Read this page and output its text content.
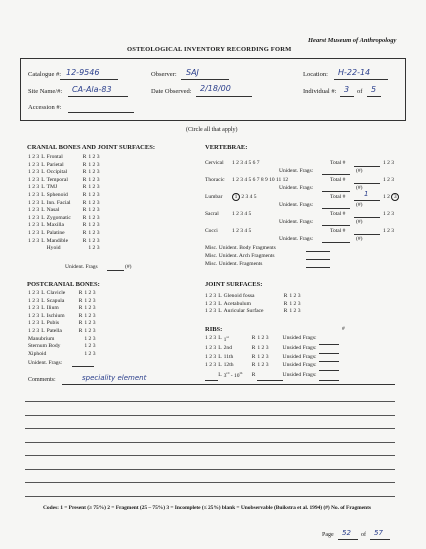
Hearst Museum of Anthropology
OSTEOLOGICAL INVENTORY RECORDING FORM
Catalogue #: 12-9546	Observer: SAJ	Location: H-22-14
Site Name/#: CA-Ala-83	Date Observed: 2/18/00	Individual #: 3 of 5
Accession #:
(Circle all that apply)
CRANIAL BONES AND JOINT SURFACES:
1 2 3	L	Frontal	R	1 2 3
1 2 3	L	Parietal	R	1 2 3
1 2 3	L	Occipital	R	1 2 3
1 2 3	L	Temporal	R	1 2 3
1 2 3	L	TMJ	R	1 2 3
1 2 3	L	Sphenoid	R	1 2 3
1 2 3	L	Inn. Facial	R	1 2 3
1 2 3	L	Nasal	R	1 2 3
1 2 3	L	Zygomatic	R	1 2 3
1 2 3	L	Maxilla	R	1 2 3
1 2 3	L	Palatine	R	1 2 3
1 2 3	L	Mandible	R	1 2 3
		Hyoid		1 2 3
Unident. Frags	(#)
VERTEBRAE:
Cervical 1 2 3 4 5 6 7	Total #	1 2 3
Unident. Frags:	(#)
Thoracic 1 2 3 4 5 6 7 8 9 10 11 12	Total #	1 2 3
Unident. Frags:	(#)
Lumbar	1 2 3 4 5	Total #	1	1 2 3
Unident. Frags:	(#)
Sacral 1 2 3 4 5	Total #	1 2 3
Unident. Frags:	(#)
Cocci	1 2 3 4 5	Total #	1 2 3
Unident. Frags:	(#)
Misc. Unident. Body Fragments
Misc. Unident. Arch Fragments
Misc. Unident. Fragments
POSTCRANIAL BONES:
1 2 3	L	Clavicle	R	1 2 3
1 2 3	L	Scapula	R	1 2 3
1 2 3	L	Ilium	R	1 2 3
1 2 3	L	Ischium	R	1 2 3
1 2 3	L	Pubis	R	1 2 3
1 2 3	L	Patella	R	1 2 3
Manubrium				1 2 3
Sternum Body				1 2 3
Xiphoid				1 2 3
Unident. Frags:
JOINT SURFACES:
1 2 3	L	Glenoid fossa	R	1 2 3
1 2 3	L	Acetabulum	R	1 2 3
1 2 3	L	Auricular Surface	R	1 2 3
RIBS:	#
1 2 3	L	1st	R	1 2 3	Unsided Frags:	
1 2 3	L	2nd	R	1 2 3	Unsided Frags:	
1 2 3	L	11th	R	1 2 3	Unsided Frags:	
1 2 3	L	12th	R	1 2 3	Unsided Frags:	
	L	3rd - 10th	R		Unsided Frags:	
Comments:	speciality element
Codes: 1 = Present (≥ 75%) 2 = Fragment (25 – 75%) 3 = Incomplete (≤ 25%) blank = Unobservable (Buikstra et al. 1994) (#) No. of Fragments
Page 52 of 57
